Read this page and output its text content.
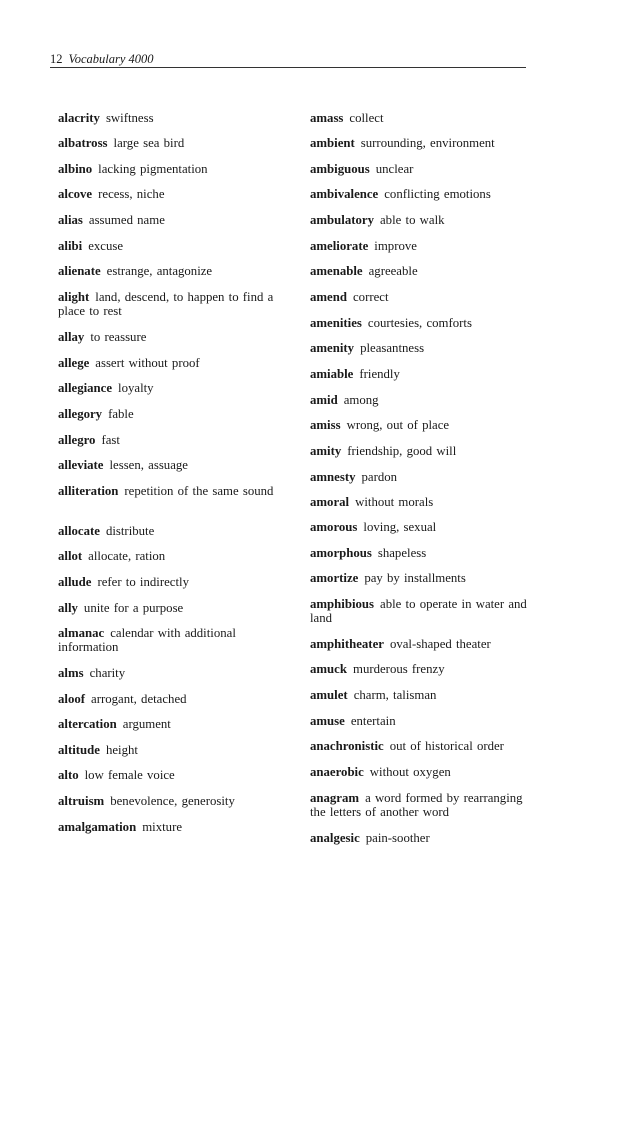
12 Vocabulary 4000

alacrity swiftness

albatross large sea bird

albino lacking pigmentation

alcove recess, niche

alias assumed name

alibi excuse

alienate estrange, antagonize

alight land, descend, to happen to find a place to rest

allay to reassure

allege assert without proof

allegiance loyalty

allegory fable

allegro fast

alleviate lessen, assuage

alliteration repetition of the same sound

allocate distribute

allot allocate, ration

allude refer to indirectly

ally unite for a purpose

almanac calendar with additional information

alms charity

aloof arrogant, detached

altercation argument

altitude height

alto low female voice

altruism benevolence, generosity

amalgamation mixture

amass collect

ambient surrounding, environment

ambiguous unclear

ambivalence conflicting emotions

ambulatory able to walk

ameliorate improve

amenable agreeable

amend correct

amenities courtesies, comforts

amenity pleasantness

amiable friendly

amid among

amiss wrong, out of place

amity friendship, good will

amnesty pardon

amoral without morals

amorous loving, sexual

amorphous shapeless

amortize pay by installments

amphibious able to operate in water and land

amphitheater oval-shaped theater

amuck murderous frenzy

amulet charm, talisman

amuse entertain

anachronistic out of historical order

anaerobic without oxygen

anagram a word formed by rearranging the letters of another word

analgesic pain-soother
